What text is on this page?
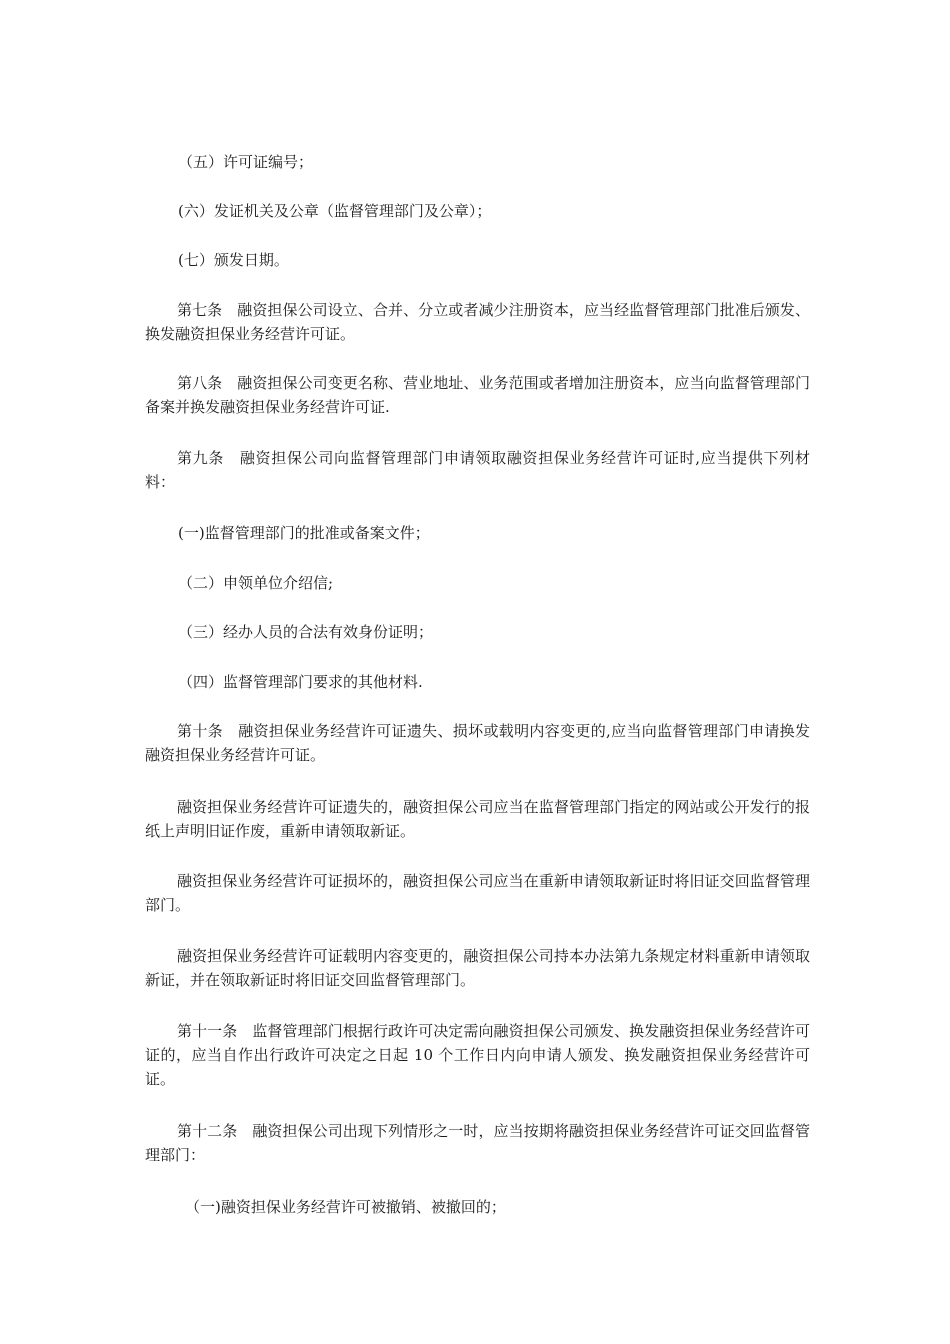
（五）许可证编号；

(六）发证机关及公章（监督管理部门及公章）；

(七）颁发日期。

第七条　融资担保公司设立、合并、分立或者减少注册资本，应当经监督管理部门批准后颁发、换发融资担保业务经营许可证。

第八条　融资担保公司变更名称、营业地址、业务范围或者增加注册资本，应当向监督管理部门备案并换发融资担保业务经营许可证.

第九条　融资担保公司向监督管理部门申请领取融资担保业务经营许可证时,应当提供下列材料：

(一)监督管理部门的批准或备案文件；

（二）申领单位介绍信;

（三）经办人员的合法有效身份证明；

（四）监督管理部门要求的其他材料.

第十条　融资担保业务经营许可证遗失、损坏或载明内容变更的,应当向监督管理部门申请换发融资担保业务经营许可证。

融资担保业务经营许可证遗失的，融资担保公司应当在监督管理部门指定的网站或公开发行的报纸上声明旧证作废，重新申请领取新证。

融资担保业务经营许可证损坏的，融资担保公司应当在重新申请领取新证时将旧证交回监督管理部门。

融资担保业务经营许可证载明内容变更的，融资担保公司持本办法第九条规定材料重新申请领取新证，并在领取新证时将旧证交回监督管理部门。

第十一条　监督管理部门根据行政许可决定需向融资担保公司颁发、换发融资担保业务经营许可证的，应当自作出行政许可决定之日起 10 个工作日内向申请人颁发、换发融资担保业务经营许可证。

第十二条　融资担保公司出现下列情形之一时，应当按期将融资担保业务经营许可证交回监督管理部门：

（一)融资担保业务经营许可被撤销、被撤回的；
